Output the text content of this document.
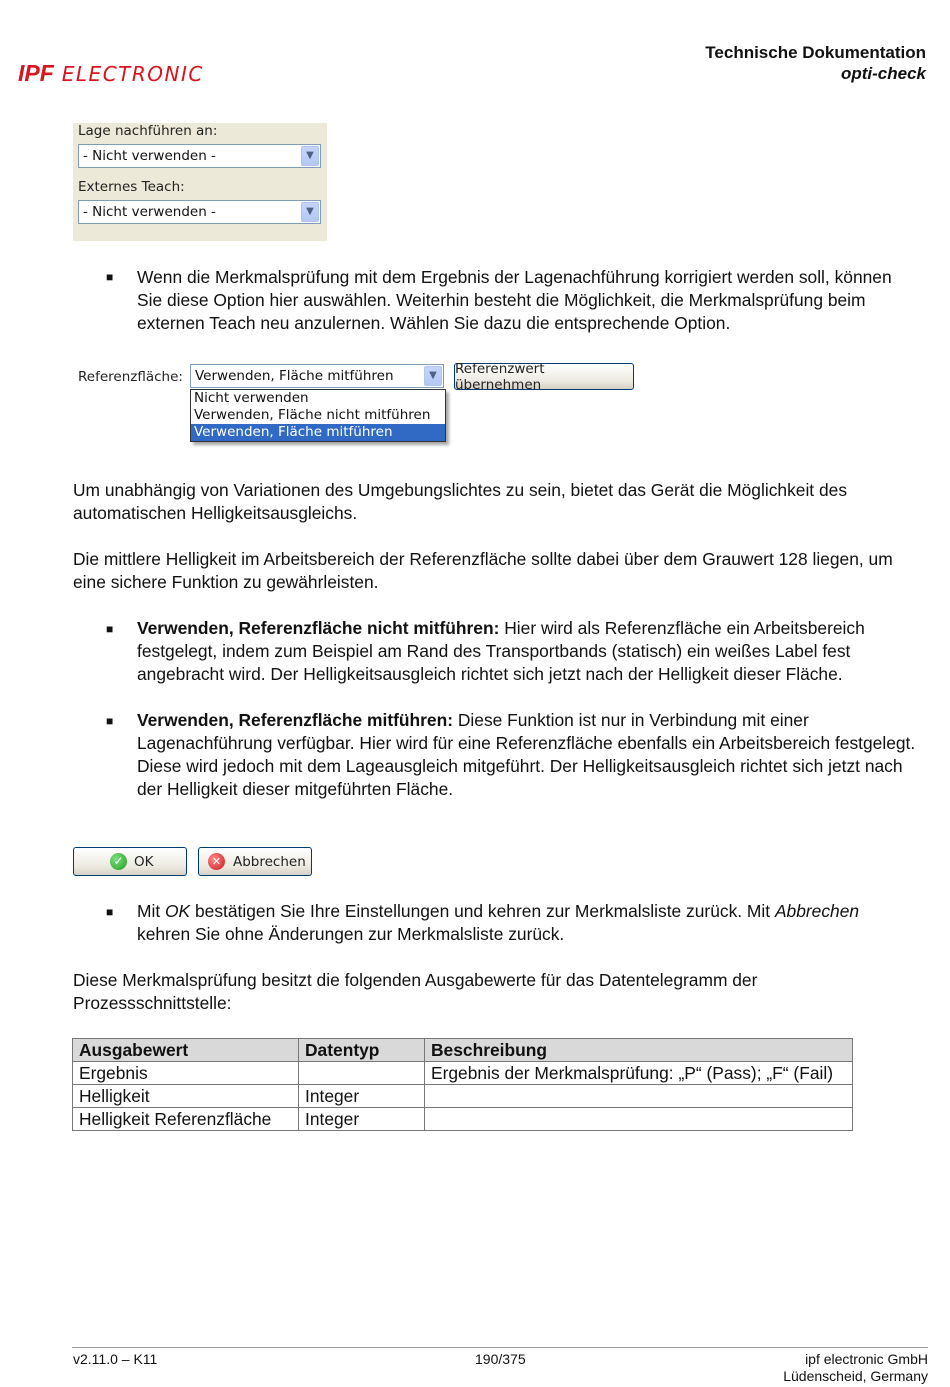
IPF ELECTRONIC
Technische Dokumentation
opti-check
Lage nachführen an:
- Nicht verwenden -	▼
Externes Teach:
- Nicht verwenden -	▼
■ Wenn die Merkmalsprüfung mit dem Ergebnis der Lagenachführung korrigiert werden soll, können Sie diese Option hier auswählen. Weiterhin besteht die Möglichkeit, die Merkmalsprüfung beim externen Teach neu anzulernen. Wählen Sie dazu die entsprechende Option.
Referenzfläche: Verwenden, Fläche mitführen	▼
Nicht verwenden
Verwenden, Fläche nicht mitführen
Verwenden, Fläche mitführen
Referenzwert übernehmen
Um unabhängig von Variationen des Umgebungslichtes zu sein, bietet das Gerät die Möglichkeit des automatischen Helligkeitsausgleichs.
Die mittlere Helligkeit im Arbeitsbereich der Referenzfläche sollte dabei über dem Grauwert 128 liegen, um eine sichere Funktion zu gewährleisten.
■ Verwenden, Referenzfläche nicht mitführen: Hier wird als Referenzfläche ein Arbeitsbereich festgelegt, indem zum Beispiel am Rand des Transportbands (statisch) ein weißes Label fest angebracht wird. Der Helligkeitsausgleich richtet sich jetzt nach der Helligkeit dieser Fläche.
■ Verwenden, Referenzfläche mitführen: Diese Funktion ist nur in Verbindung mit einer Lagenachführung verfügbar. Hier wird für eine Referenzfläche ebenfalls ein Arbeitsbereich festgelegt. Diese wird jedoch mit dem Lageausgleich mitgeführt. Der Helligkeitsausgleich richtet sich jetzt nach der Helligkeit dieser mitgeführten Fläche.
✓ OK	✕ Abbrechen
■ Mit OK bestätigen Sie Ihre Einstellungen und kehren zur Merkmalsliste zurück. Mit Abbrechen kehren Sie ohne Änderungen zur Merkmalsliste zurück.
Diese Merkmalsprüfung besitzt die folgenden Ausgabewerte für das Datentelegramm der Prozessschnittstelle:
Ausgabewert	Datentyp	Beschreibung
Ergebnis		Ergebnis der Merkmalsprüfung: „P“ (Pass); „F“ (Fail)
Helligkeit	Integer	
Helligkeit Referenzfläche	Integer	
v2.11.0 – K11	190/375	ipf electronic GmbH
Lüdenscheid, Germany
